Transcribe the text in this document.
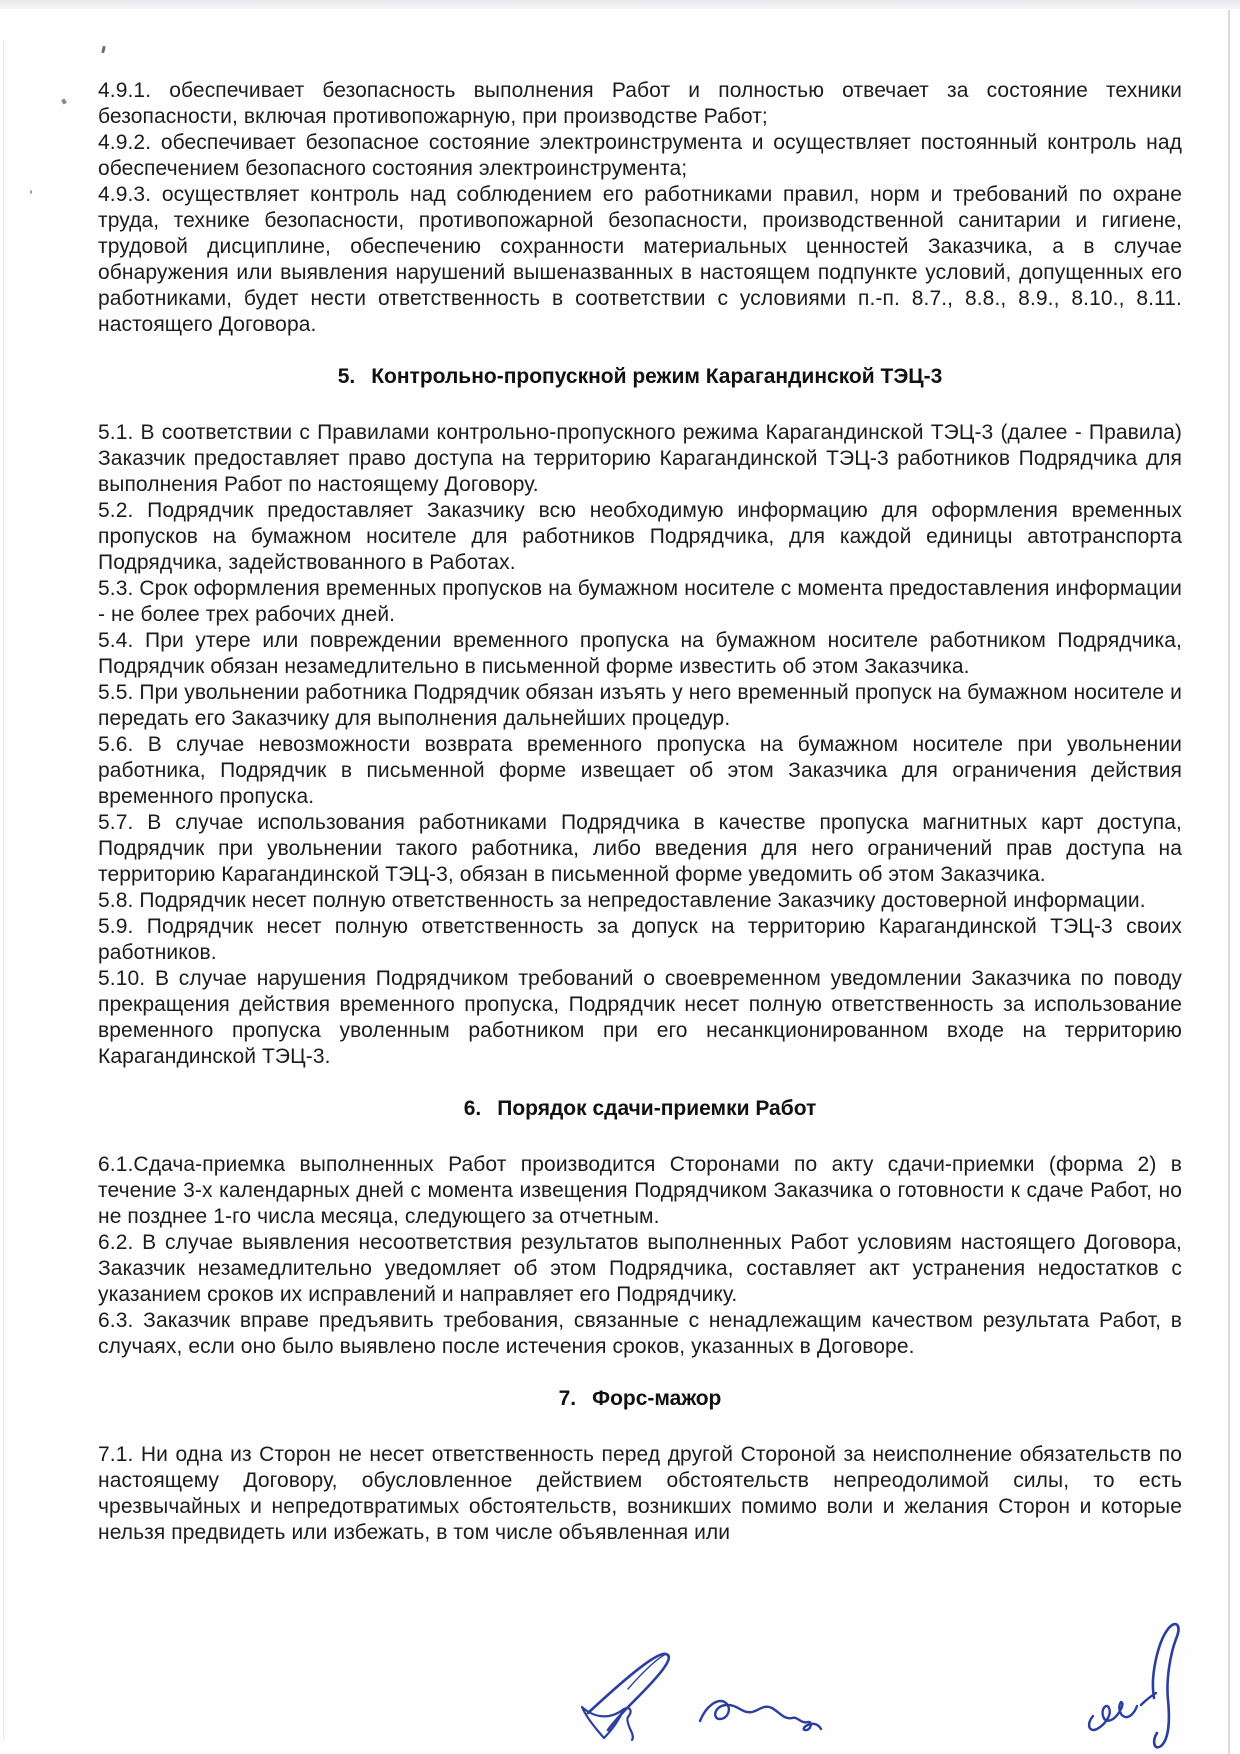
4.9.1. обеспечивает безопасность выполнения Работ и полностью отвечает за состояние техники безопасности, включая противопожарную, при производстве Работ;

4.9.2. обеспечивает безопасное состояние электроинструмента и осуществляет постоянный контроль над обеспечением безопасного состояния электроинструмента;

4.9.3. осуществляет контроль над соблюдением его работниками правил, норм и требований по охране труда, технике безопасности, противопожарной безопасности, производственной санитарии и гигиене, трудовой дисциплине, обеспечению сохранности материальных ценностей Заказчика, а в случае обнаружения или выявления нарушений вышеназванных в настоящем подпункте условий, допущенных его работниками, будет нести ответственность в соответствии с условиями п.-п. 8.7., 8.8., 8.9., 8.10., 8.11. настоящего Договора.

5. Контрольно-пропускной режим Карагандинской ТЭЦ-3

5.1. В соответствии с Правилами контрольно-пропускного режима Карагандинской ТЭЦ-3 (далее - Правила) Заказчик предоставляет право доступа на территорию Карагандинской ТЭЦ-3 работников Подрядчика для выполнения Работ по настоящему Договору.

5.2. Подрядчик предоставляет Заказчику всю необходимую информацию для оформления временных пропусков на бумажном носителе для работников Подрядчика, для каждой единицы автотранспорта Подрядчика, задействованного в Работах.

5.3. Срок оформления временных пропусков на бумажном носителе с момента предоставления информации - не более трех рабочих дней.

5.4. При утере или повреждении временного пропуска на бумажном носителе работником Подрядчика, Подрядчик обязан незамедлительно в письменной форме известить об этом Заказчика.

5.5. При увольнении работника Подрядчик обязан изъять у него временный пропуск на бумажном носителе и передать его Заказчику для выполнения дальнейших процедур.

5.6. В случае невозможности возврата временного пропуска на бумажном носителе при увольнении работника, Подрядчик в письменной форме извещает об этом Заказчика для ограничения действия временного пропуска.

5.7. В случае использования работниками Подрядчика в качестве пропуска магнитных карт доступа, Подрядчик при увольнении такого работника, либо введения для него ограничений прав доступа на территорию Карагандинской ТЭЦ-3, обязан в письменной форме уведомить об этом Заказчика.

5.8. Подрядчик несет полную ответственность за непредоставление Заказчику достоверной информации.

5.9. Подрядчик несет полную ответственность за допуск на территорию Карагандинской ТЭЦ-3 своих работников.

5.10. В случае нарушения Подрядчиком требований о своевременном уведомлении Заказчика по поводу прекращения действия временного пропуска, Подрядчик несет полную ответственность за использование временного пропуска уволенным работником при его несанкционированном входе на территорию Карагандинской ТЭЦ-3.

6. Порядок сдачи-приемки Работ

6.1.Сдача-приемка выполненных Работ производится Сторонами по акту сдачи-приемки (форма 2) в течение 3-х календарных дней с момента извещения Подрядчиком Заказчика о готовности к сдаче Работ, но не позднее 1-го числа месяца, следующего за отчетным.

6.2. В случае выявления несоответствия результатов выполненных Работ условиям настоящего Договора, Заказчик незамедлительно уведомляет об этом Подрядчика, составляет акт устранения недостатков с указанием сроков их исправлений и направляет его Подрядчику.

6.3. Заказчик вправе предъявить требования, связанные с ненадлежащим качеством результата Работ, в случаях, если оно было выявлено после истечения сроков, указанных в Договоре.

7. Форс-мажор

7.1. Ни одна из Сторон не несет ответственность перед другой Стороной за неисполнение обязательств по настоящему Договору, обусловленное действием обстоятельств непреодолимой силы, то есть чрезвычайных и непредотвратимых обстоятельств, возникших помимо воли и желания Сторон и которые нельзя предвидеть или избежать, в том числе объявленная или
